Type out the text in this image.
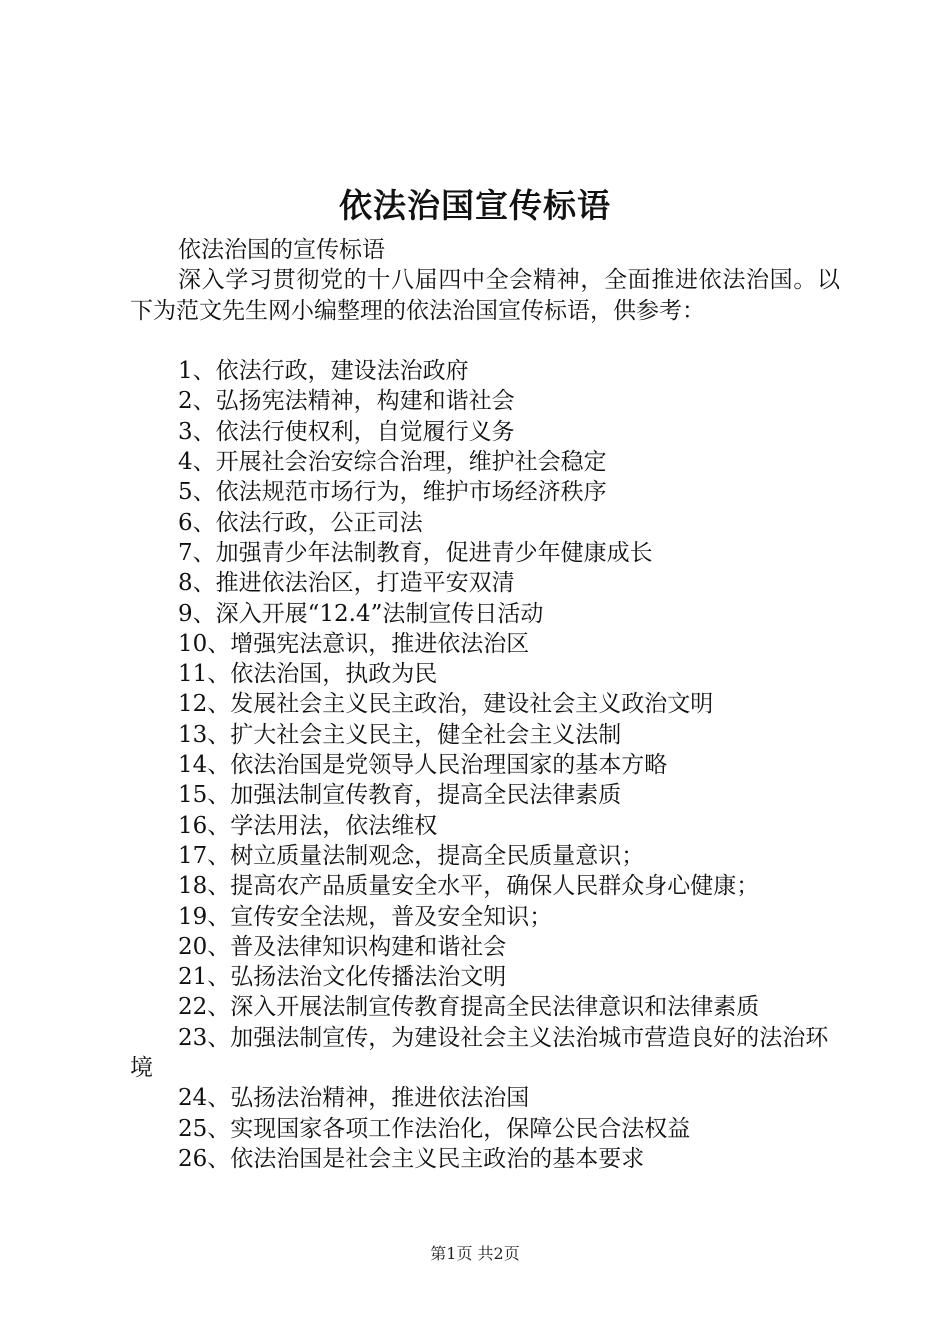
依法治国宣传标语

依法治国的宣传标语

深入学习贯彻党的十八届四中全会精神，全面推进依法治国。以下为范文先生网小编整理的依法治国宣传标语，供参考：

1、依法行政，建设法治政府
2、弘扬宪法精神，构建和谐社会
3、依法行使权利，自觉履行义务
4、开展社会治安综合治理，维护社会稳定
5、依法规范市场行为，维护市场经济秩序
6、依法行政，公正司法
7、加强青少年法制教育，促进青少年健康成长
8、推进依法治区，打造平安双清
9、深入开展“12.4”法制宣传日活动
10、增强宪法意识，推进依法治区
11、依法治国，执政为民
12、发展社会主义民主政治，建设社会主义政治文明
13、扩大社会主义民主，健全社会主义法制
14、依法治国是党领导人民治理国家的基本方略
15、加强法制宣传教育，提高全民法律素质
16、学法用法，依法维权
17、树立质量法制观念，提高全民质量意识；
18、提高农产品质量安全水平，确保人民群众身心健康；
19、宣传安全法规，普及安全知识；
20、普及法律知识构建和谐社会
21、弘扬法治文化传播法治文明
22、深入开展法制宣传教育提高全民法律意识和法律素质
23、加强法制宣传，为建设社会主义法治城市营造良好的法治环境
24、弘扬法治精神，推进依法治国
25、实现国家各项工作法治化，保障公民合法权益
26、依法治国是社会主义民主政治的基本要求
第1页 共2页
